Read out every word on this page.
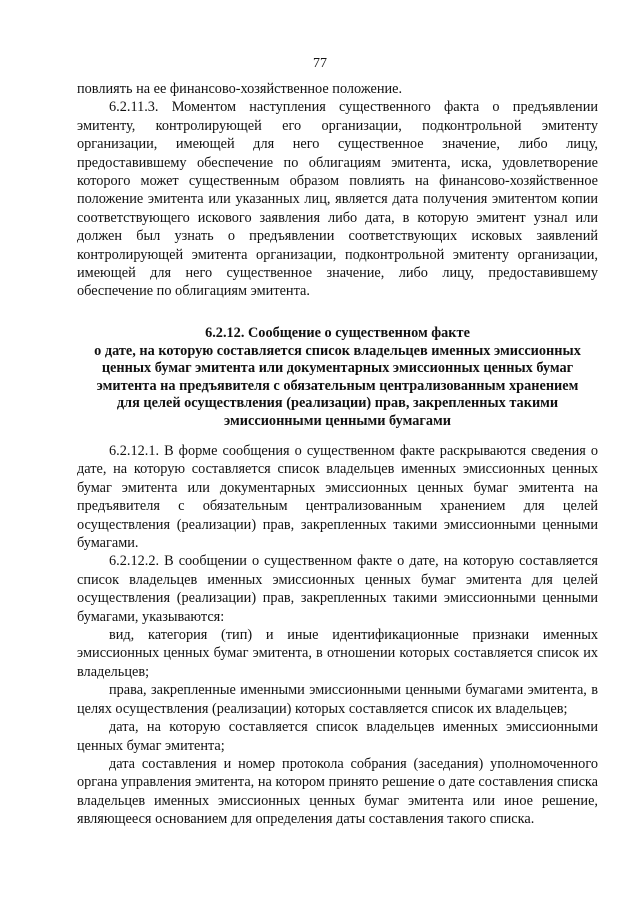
77

повлиять на ее финансово-хозяйственное положение.

6.2.11.3. Моментом наступления существенного факта о предъявлении эмитенту, контролирующей его организации, подконтрольной эмитенту организации, имеющей для него существенное значение, либо лицу, предоставившему обеспечение по облигациям эмитента, иска, удовлетворение которого может существенным образом повлиять на финансово-хозяйственное положение эмитента или указанных лиц, является дата получения эмитентом копии соответствующего искового заявления либо дата, в которую эмитент узнал или должен был узнать о предъявлении соответствующих исковых заявлений контролирующей эмитента организации, подконтрольной эмитенту организации, имеющей для него существенное значение, либо лицу, предоставившему обеспечение по облигациям эмитента.

6.2.12. Сообщение о существенном факте
о дате, на которую составляется список владельцев именных эмиссионных
ценных бумаг эмитента или документарных эмиссионных ценных бумаг
эмитента на предъявителя с обязательным централизованным хранением
для целей осуществления (реализации) прав, закрепленных такими
эмиссионными ценными бумагами

6.2.12.1. В форме сообщения о существенном факте раскрываются сведения о дате, на которую составляется список владельцев именных эмиссионных ценных бумаг эмитента или документарных эмиссионных ценных бумаг эмитента на предъявителя с обязательным централизованным хранением для целей осуществления (реализации) прав, закрепленных такими эмиссионными ценными бумагами.

6.2.12.2. В сообщении о существенном факте о дате, на которую составляется список владельцев именных эмиссионных ценных бумаг эмитента для целей осуществления (реализации) прав, закрепленных такими эмиссионными ценными бумагами, указываются:

вид, категория (тип) и иные идентификационные признаки именных эмиссионных ценных бумаг эмитента, в отношении которых составляется список их владельцев;

права, закрепленные именными эмиссионными ценными бумагами эмитента, в целях осуществления (реализации) которых составляется список их владельцев;

дата, на которую составляется список владельцев именных эмиссионными ценных бумаг эмитента;

дата составления и номер протокола собрания (заседания) уполномоченного органа управления эмитента, на котором принято решение о дате составления списка владельцев именных эмиссионных ценных бумаг эмитента или иное решение, являющееся основанием для определения даты составления такого списка.
